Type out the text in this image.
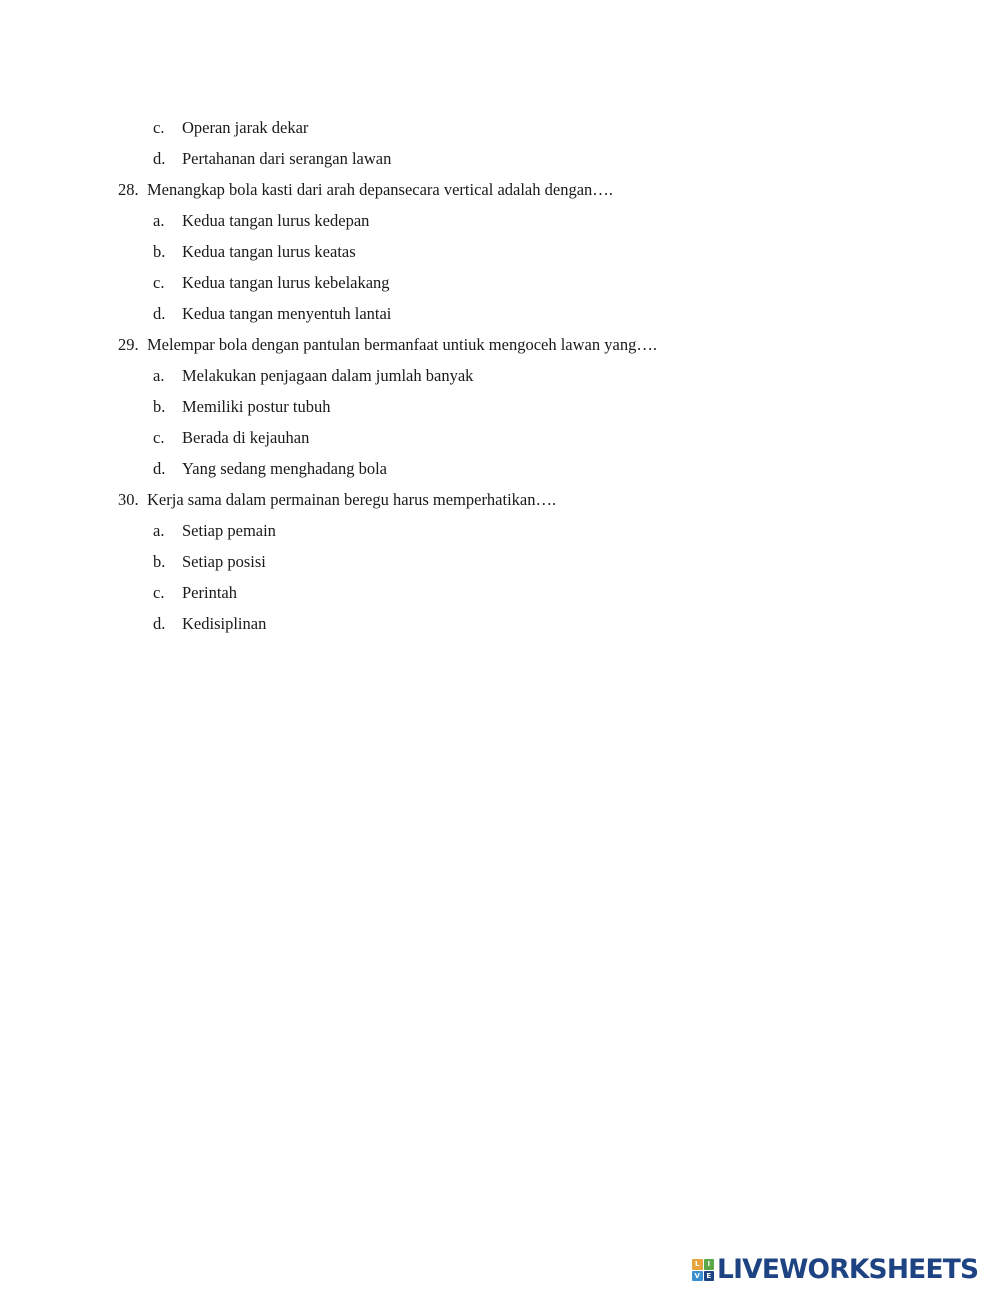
c. Operan jarak dekar
d. Pertahanan dari serangan lawan
28. Menangkap bola kasti dari arah depansecara vertical adalah dengan….
a. Kedua tangan lurus kedepan
b. Kedua tangan lurus keatas
c. Kedua tangan lurus kebelakang
d. Kedua tangan menyentuh lantai
29. Melempar bola dengan pantulan bermanfaat untiuk mengoceh lawan yang….
a. Melakukan penjagaan dalam jumlah banyak
b. Memiliki postur tubuh
c. Berada di kejauhan
d. Yang sedang menghadang bola
30. Kerja sama dalam permainan beregu harus memperhatikan….
a. Setiap pemain
b. Setiap posisi
c. Perintah
d. Kedisiplinan
L	I
V E LIVEWORKSHEETS
